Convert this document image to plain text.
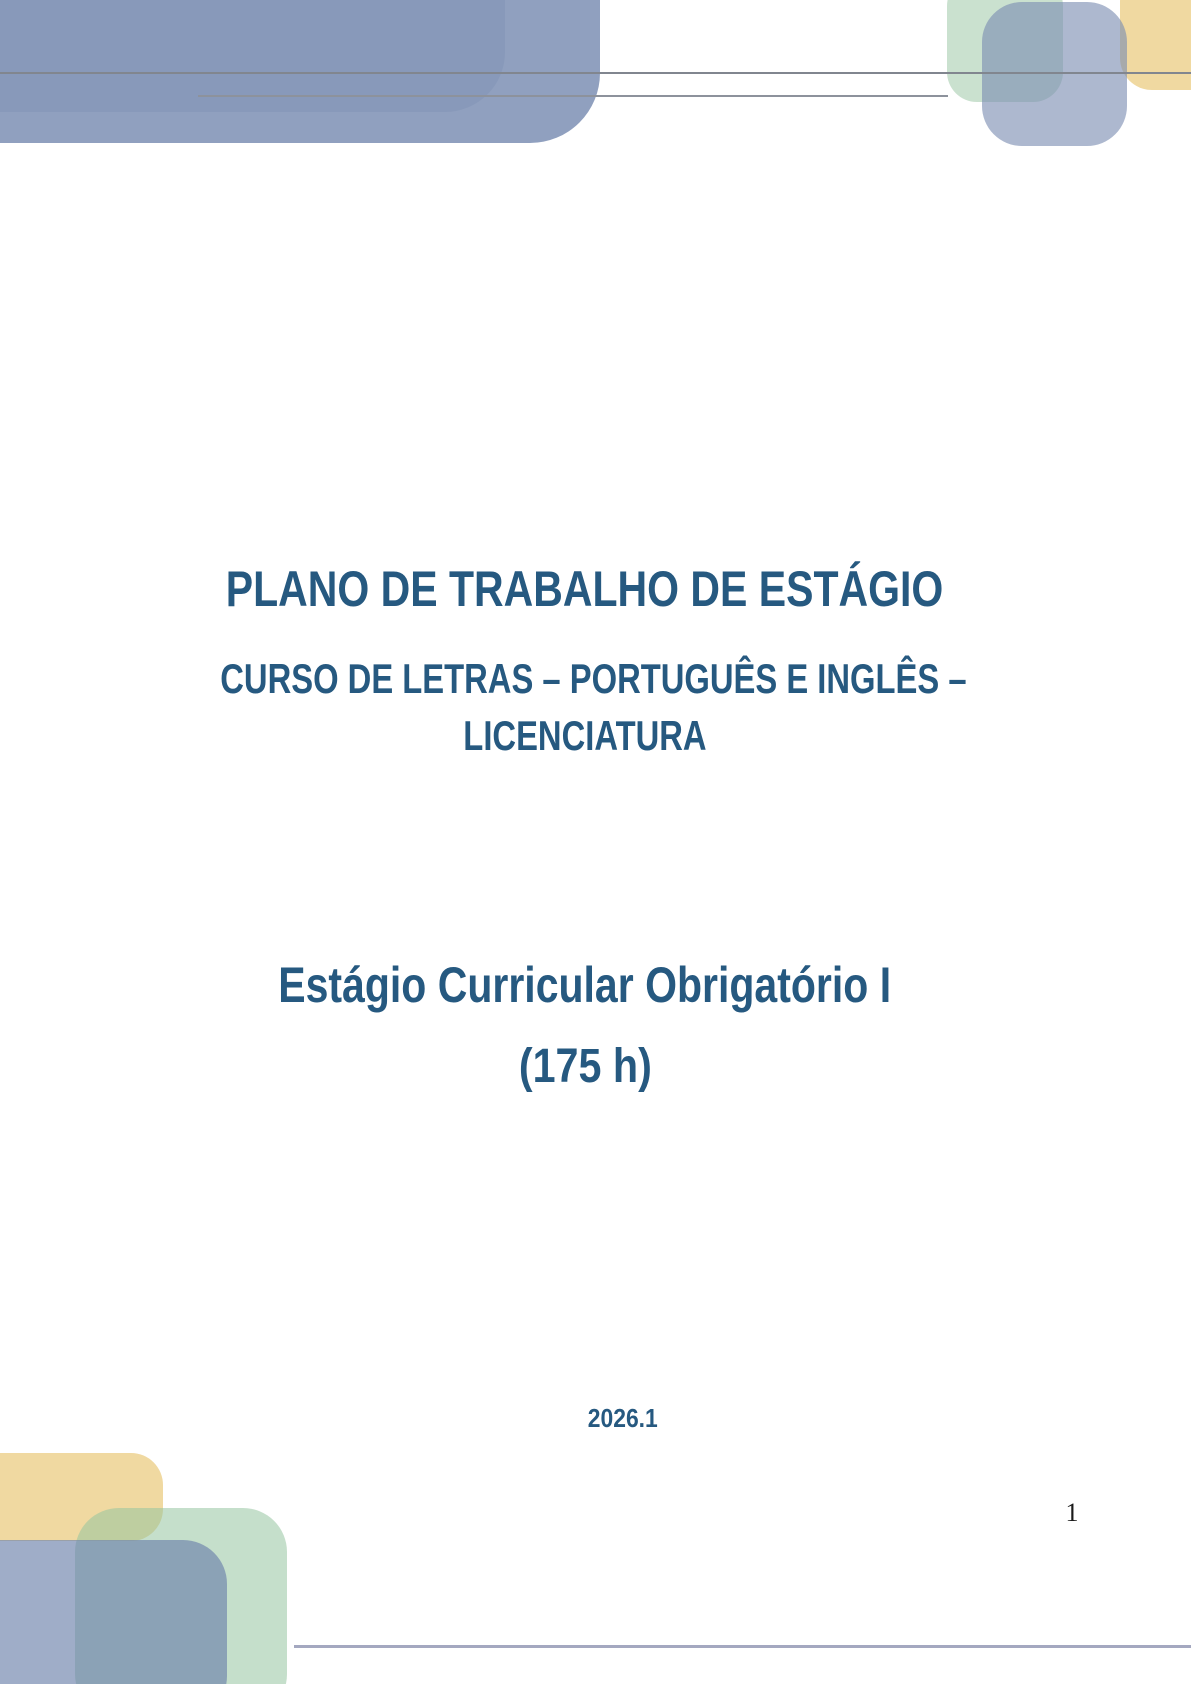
PLANO DE TRABALHO DE ESTÁGIO
CURSO DE LETRAS – PORTUGUÊS E INGLÊS –
LICENCIATURA
Estágio Curricular Obrigatório I
(175 h)
2026.1
1
